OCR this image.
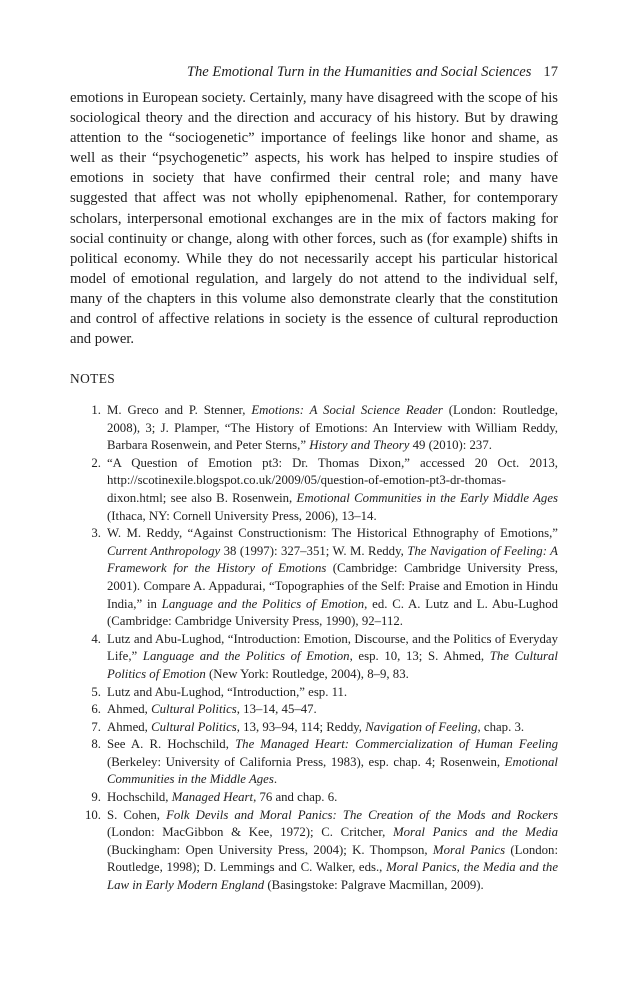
The Emotional Turn in the Humanities and Social Sciences 17

emotions in European society. Certainly, many have disagreed with the scope of his sociological theory and the direction and accuracy of his history. But by drawing attention to the “sociogenetic” importance of feelings like honor and shame, as well as their “psychogenetic” aspects, his work has helped to inspire studies of emotions in society that have confirmed their central role; and many have suggested that affect was not wholly epiphenomenal. Rather, for contemporary scholars, interpersonal emotional exchanges are in the mix of factors making for social continuity or change, along with other forces, such as (for example) shifts in political economy. While they do not necessarily accept his particular historical model of emotional regulation, and largely do not attend to the individual self, many of the chapters in this volume also demonstrate clearly that the constitution and control of affective relations in society is the essence of cultural reproduction and power.

NOTES
1. M. Greco and P. Stenner, Emotions: A Social Science Reader (London: Routledge, 2008), 3; J. Plamper, “The History of Emotions: An Interview with William Reddy, Barbara Rosenwein, and Peter Sterns,” History and Theory 49 (2010): 237.
2. “A Question of Emotion pt3: Dr. Thomas Dixon,” accessed 20 Oct. 2013, http://scotinexile.blogspot.co.uk/2009/05/question-of-emotion-pt3-dr-​thomas-dixon.html; see also B. Rosenwein, Emotional Communities in the Early Middle Ages (Ithaca, NY: Cornell University Press, 2006), 13–14.
3. W. M. Reddy, “Against Constructionism: The Historical Ethnography of Emotions,” Current Anthropology 38 (1997): 327–351; W. M. Reddy, The Navigation of Feeling: A Framework for the History of Emotions (Cambridge: Cambridge University Press, 2001). Compare A. Appadurai, “Topographies of the Self: Praise and Emotion in Hindu India,” in Language and the Politics of Emotion, ed. C. A. Lutz and L. Abu-Lughod (Cambridge: Cambridge University Press, 1990), 92–112.
4. Lutz and Abu-Lughod, “Introduction: Emotion, Discourse, and the Politics of Everyday Life,” Language and the Politics of Emotion, esp. 10, 13; S. Ahmed, The Cultural Politics of Emotion (New York: Routledge, 2004), 8–9, 83.
5. Lutz and Abu-Lughod, “Introduction,” esp. 11.
6. Ahmed, Cultural Politics, 13–14, 45–47.
7. Ahmed, Cultural Politics, 13, 93–94, 114; Reddy, Navigation of Feeling, chap. 3.
8. See A. R. Hochschild, The Managed Heart: Commercialization of Human Feeling (Berkeley: University of California Press, 1983), esp. chap. 4; Rosenwein, Emotional Communities in the Middle Ages.
9. Hochschild, Managed Heart, 76 and chap. 6.
10. S. Cohen, Folk Devils and Moral Panics: The Creation of the Mods and Rockers (London: MacGibbon & Kee, 1972); C. Critcher, Moral Panics and the Media (Buckingham: Open University Press, 2004); K. Thompson, Moral Panics (London: Routledge, 1998); D. Lemmings and C. Walker, eds., Moral Panics, the Media and the Law in Early Modern England (Basingstoke: Palgrave Macmillan, 2009).
